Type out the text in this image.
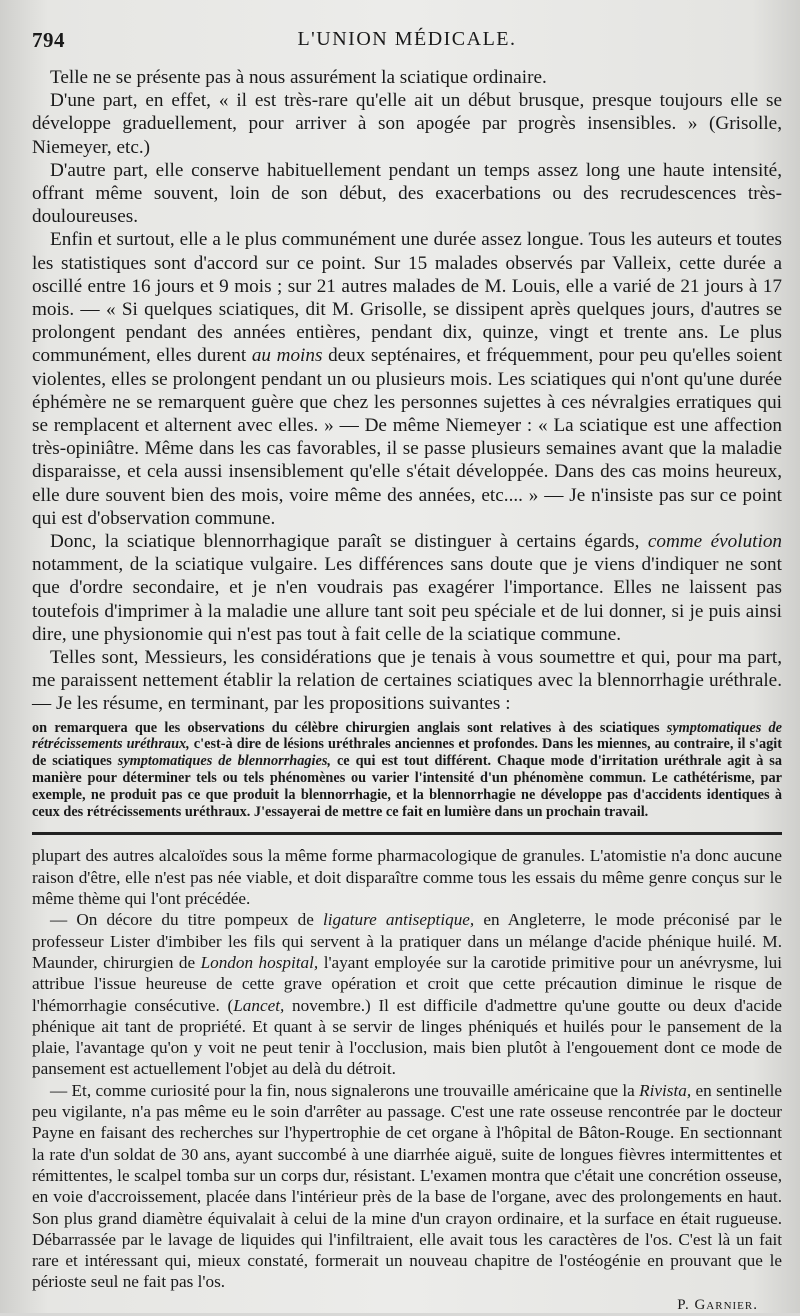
794	L'UNION MÉDICALE.

Telle ne se présente pas à nous assurément la sciatique ordinaire.

D'une part, en effet, « il est très-rare qu'elle ait un début brusque, presque toujours elle se développe graduellement, pour arriver à son apogée par progrès insensibles. » (Grisolle, Niemeyer, etc.)

D'autre part, elle conserve habituellement pendant un temps assez long une haute intensité, offrant même souvent, loin de son début, des exacerbations ou des recrudescences très-douloureuses.

Enfin et surtout, elle a le plus communément une durée assez longue. Tous les auteurs et toutes les statistiques sont d'accord sur ce point. Sur 15 malades observés par Valleix, cette durée a oscillé entre 16 jours et 9 mois ; sur 21 autres malades de M. Louis, elle a varié de 21 jours à 17 mois. — « Si quelques sciatiques, dit M. Grisolle, se dissipent après quelques jours, d'autres se prolongent pendant des années entières, pendant dix, quinze, vingt et trente ans. Le plus communément, elles durent au moins deux septénaires, et fréquemment, pour peu qu'elles soient violentes, elles se prolongent pendant un ou plusieurs mois. Les sciatiques qui n'ont qu'une durée éphémère ne se remarquent guère que chez les personnes sujettes à ces névralgies erratiques qui se remplacent et alternent avec elles. » — De même Niemeyer : « La sciatique est une affection très-opiniâtre. Même dans les cas favorables, il se passe plusieurs semaines avant que la maladie disparaisse, et cela aussi insensiblement qu'elle s'était développée. Dans des cas moins heureux, elle dure souvent bien des mois, voire même des années, etc.... » — Je n'insiste pas sur ce point qui est d'observation commune.

Donc, la sciatique blennorrhagique paraît se distinguer à certains égards, comme évolution notamment, de la sciatique vulgaire. Les différences sans doute que je viens d'indiquer ne sont que d'ordre secondaire, et je n'en voudrais pas exagérer l'importance. Elles ne laissent pas toutefois d'imprimer à la maladie une allure tant soit peu spéciale et de lui donner, si je puis ainsi dire, une physionomie qui n'est pas tout à fait celle de la sciatique commune.

Telles sont, Messieurs, les considérations que je tenais à vous soumettre et qui, pour ma part, me paraissent nettement établir la relation de certaines sciatiques avec la blennorrhagie uréthrale. — Je les résume, en terminant, par les propositions suivantes :

on remarquera que les observations du célèbre chirurgien anglais sont relatives à des sciatiques symptomatiques de rétrécissements uréthraux, c'est-à dire de lésions uréthrales anciennes et profondes. Dans les miennes, au contraire, il s'agit de sciatiques symptomatiques de blennorrhagies, ce qui est tout différent. Chaque mode d'irritation uréthrale agit à sa manière pour déterminer tels ou tels phénomènes ou varier l'intensité d'un phénomène commun. Le cathétérisme, par exemple, ne produit pas ce que produit la blennorrhagie, et la blennorrhagie ne développe pas d'accidents identiques à ceux des rétrécissements uréthraux. J'essayerai de mettre ce fait en lumière dans un prochain travail.

plupart des autres alcaloïdes sous la même forme pharmacologique de granules. L'atomistie n'a donc aucune raison d'être, elle n'est pas née viable, et doit disparaître comme tous les essais du même genre conçus sur le même thème qui l'ont précédée.

— On décore du titre pompeux de ligature antiseptique, en Angleterre, le mode préconisé par le professeur Lister d'imbiber les fils qui servent à la pratiquer dans un mélange d'acide phénique huilé. M. Maunder, chirurgien de London hospital, l'ayant employée sur la carotide primitive pour un anévrysme, lui attribue l'issue heureuse de cette grave opération et croit que cette précaution diminue le risque de l'hémorrhagie consécutive. (Lancet, novembre.) Il est difficile d'admettre qu'une goutte ou deux d'acide phénique ait tant de propriété. Et quant à se servir de linges phéniqués et huilés pour le pansement de la plaie, l'avantage qu'on y voit ne peut tenir à l'occlusion, mais bien plutôt à l'engouement dont ce mode de pansement est actuellement l'objet au delà du détroit.

— Et, comme curiosité pour la fin, nous signalerons une trouvaille américaine que la Rivista, en sentinelle peu vigilante, n'a pas même eu le soin d'arrêter au passage. C'est une rate osseuse rencontrée par le docteur Payne en faisant des recherches sur l'hypertrophie de cet organe à l'hôpital de Bâton-Rouge. En sectionnant la rate d'un soldat de 30 ans, ayant succombé à une diarrhée aiguë, suite de longues fièvres intermittentes et rémittentes, le scalpel tomba sur un corps dur, résistant. L'examen montra que c'était une concrétion osseuse, en voie d'accroissement, placée dans l'intérieur près de la base de l'organe, avec des prolongements en haut. Son plus grand diamètre équivalait à celui de la mine d'un crayon ordinaire, et la surface en était rugueuse. Débarrassée par le lavage de liquides qui l'infiltraient, elle avait tous les caractères de l'os. C'est là un fait rare et intéressant qui, mieux constaté, formerait un nouveau chapitre de l'ostéogénie en prouvant que le périoste seul ne fait pas l'os.

P. Garnier.
